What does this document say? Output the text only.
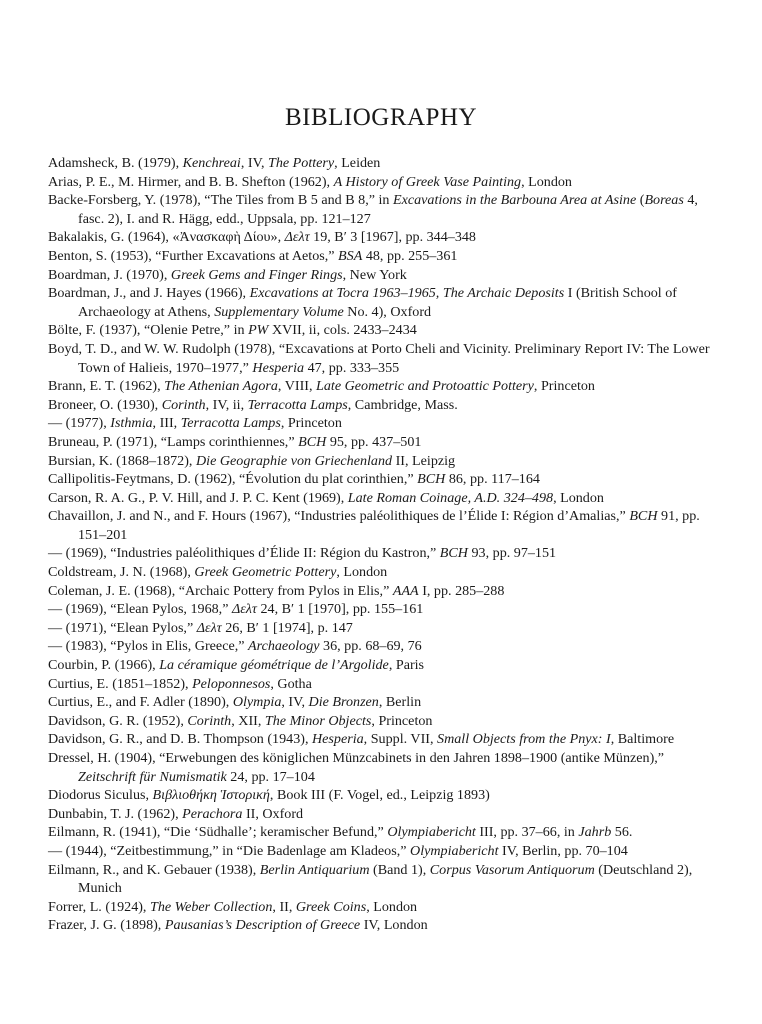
BIBLIOGRAPHY

Adamsheck, B. (1979), Kenchreai, IV, The Pottery, Leiden

Arias, P. E., M. Hirmer, and B. B. Shefton (1962), A History of Greek Vase Painting, London

Backe-Forsberg, Y. (1978), “The Tiles from B 5 and B 8,” in Excavations in the Barbouna Area at Asine (Boreas 4, fasc. 2), I. and R. Hägg, edd., Uppsala, pp. 121–127

Bakalakis, G. (1964), «Ἀνασκαφὴ Δίου», Δελτ 19, B′ 3 [1967], pp. 344–348

Benton, S. (1953), “Further Excavations at Aetos,” BSA 48, pp. 255–361

Boardman, J. (1970), Greek Gems and Finger Rings, New York

Boardman, J., and J. Hayes (1966), Excavations at Tocra 1963–1965, The Archaic Deposits I (British School of Archaeology at Athens, Supplementary Volume No. 4), Oxford

Bölte, F. (1937), “Olenie Petre,” in PW XVII, ii, cols. 2433–2434

Boyd, T. D., and W. W. Rudolph (1978), “Excavations at Porto Cheli and Vicinity. Preliminary Report IV: The Lower Town of Halieis, 1970–1977,” Hesperia 47, pp. 333–355

Brann, E. T. (1962), The Athenian Agora, VIII, Late Geometric and Protoattic Pottery, Princeton

Broneer, O. (1930), Corinth, IV, ii, Terracotta Lamps, Cambridge, Mass.

— (1977), Isthmia, III, Terracotta Lamps, Princeton

Bruneau, P. (1971), “Lamps corinthiennes,” BCH 95, pp. 437–501

Bursian, K. (1868–1872), Die Geographie von Griechenland II, Leipzig

Callipolitis-Feytmans, D. (1962), “Évolution du plat corinthien,” BCH 86, pp. 117–164

Carson, R. A. G., P. V. Hill, and J. P. C. Kent (1969), Late Roman Coinage, A.D. 324–498, London

Chavaillon, J. and N., and F. Hours (1967), “Industries paléolithiques de l’Élide I: Région d’Amalias,” BCH 91, pp. 151–201

— (1969), “Industries paléolithiques d’Élide II: Région du Kastron,” BCH 93, pp. 97–151

Coldstream, J. N. (1968), Greek Geometric Pottery, London

Coleman, J. E. (1968), “Archaic Pottery from Pylos in Elis,” AAA I, pp. 285–288

— (1969), “Elean Pylos, 1968,” Δελτ 24, B′ 1 [1970], pp. 155–161

— (1971), “Elean Pylos,” Δελτ 26, B′ 1 [1974], p. 147

— (1983), “Pylos in Elis, Greece,” Archaeology 36, pp. 68–69, 76

Courbin, P. (1966), La céramique géométrique de l’Argolide, Paris

Curtius, E. (1851–1852), Peloponnesos, Gotha

Curtius, E., and F. Adler (1890), Olympia, IV, Die Bronzen, Berlin

Davidson, G. R. (1952), Corinth, XII, The Minor Objects, Princeton

Davidson, G. R., and D. B. Thompson (1943), Hesperia, Suppl. VII, Small Objects from the Pnyx: I, Baltimore

Dressel, H. (1904), “Erwebungen des königlichen Münzcabinets in den Jahren 1898–1900 (antike Münzen),” Zeitschrift für Numismatik 24, pp. 17–104

Diodorus Siculus, Βιβλιοθήκη Ἱστορική, Book III (F. Vogel, ed., Leipzig 1893)

Dunbabin, T. J. (1962), Perachora II, Oxford

Eilmann, R. (1941), “Die ‘Südhalle’; keramischer Befund,” Olympiabericht III, pp. 37–66, in Jahrb 56.

— (1944), “Zeitbestimmung,” in “Die Badenlage am Kladeos,” Olympiabericht IV, Berlin, pp. 70–104

Eilmann, R., and K. Gebauer (1938), Berlin Antiquarium (Band 1), Corpus Vasorum Antiquorum (Deutschland 2), Munich

Forrer, L. (1924), The Weber Collection, II, Greek Coins, London

Frazer, J. G. (1898), Pausanias’s Description of Greece IV, London
